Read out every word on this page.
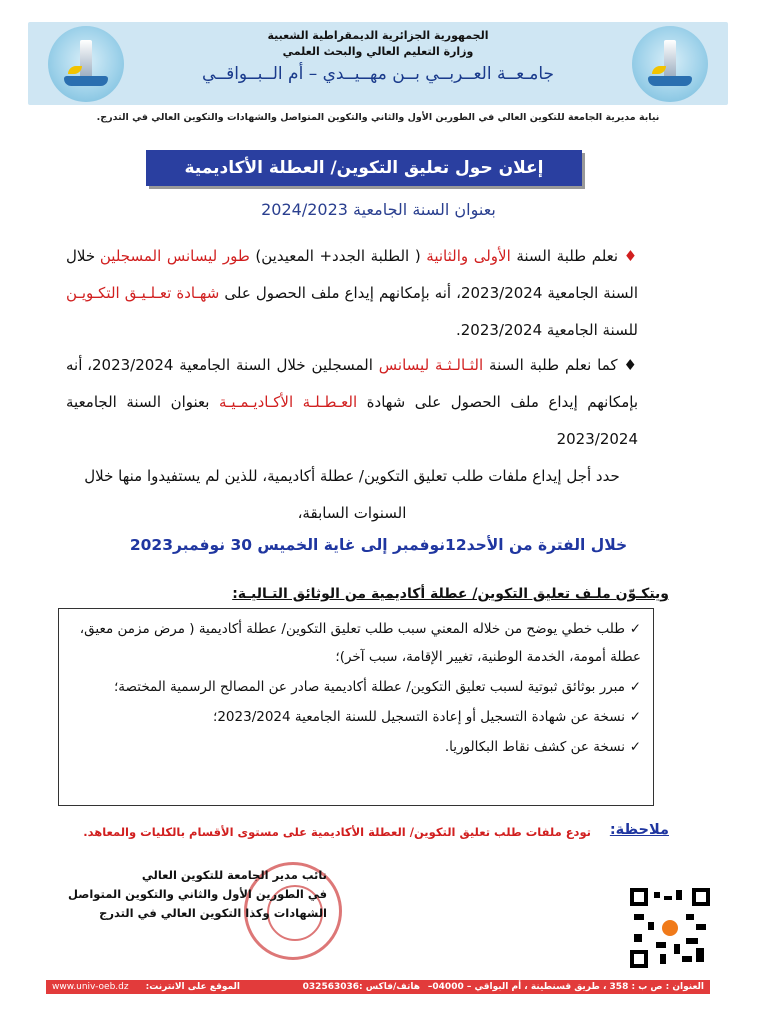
الجمهورية الجزائرية الديمقراطية الشعبية
وزارة التعليم العالي والبحث العلمي
جامـعــة العــربــي بــن مهــيــدي – أم الــبــواقــي
نيابة مديرية الجامعة للتكوين العالي في الطورين الأول والثاني والتكوين المتواصل والشهادات والتكوين العالي في التدرج.
إعلان حول تعليق التكوين/ العطلة الأكاديمية
بعنوان السنة الجامعية 2024/2023
♦ نعلم طلبة السنة الأولى والثانية ( الطلبة الجدد+ المعيدين) طور ليسانس المسجلين خلال السنة الجامعية 2023/2024، أنه بإمكانهم إيداع ملف الحصول على شهـادة تعـلـيـق التكـويـن للسنة الجامعية 2023/2024.
♦ كما نعلم طلبة السنة الثـالـثـة ليسانس المسجلين خلال السنة الجامعية 2023/2024، أنه بإمكانهم إيداع ملف الحصول على شهادة العـطـلـة الأكـاديـمـيـة بعنوان السنة الجامعية 2023/2024
حدد أجل إيداع ملفات طلب تعليق التكوين/ عطلة أكاديمية، للذين لم يستفيدوا منها خلال السنوات السابقة،
خلال الفترة من الأحد12نوفمبر إلى غاية الخميس 30 نوفمبر2023
ويتكـوّن ملـف تعليق التكوين/ عطلة أكاديمية من الوثائق التـاليـة:
✓طلب خطي يوضح من خلاله المعني سبب طلب تعليق التكوين/ عطلة أكاديمية ( مرض مزمن معيق، عطلة أمومة، الخدمة الوطنية، تغيير الإقامة، سبب آخر)؛
✓مبرر بوثائق ثبوتية لسبب تعليق التكوين/ عطلة أكاديمية صادر عن المصالح الرسمية المختصة؛
✓نسخة عن شهادة التسجيل أو إعادة التسجيل للسنة الجامعية 2023/2024؛
✓نسخة عن كشف نقاط البكالوريا.
ملاحظة:
تودع ملفات طلب تعليق التكوين/ العطلة الأكاديمية على مستوى الأقسام بالكليات والمعاهد.
نائب مدير الجامعة للتكوين العالي
في الطورين الأول والثاني والتكوين المتواصل
الشهادات وكذا التكوين العالي في التدرج
العنوان : ص ب : 358 ، طريق قسنطينة ، أم البواقي – 04000–
هاتف/فاكس :032563036
الموقع على الانترنت:
www.univ-oeb.dz
